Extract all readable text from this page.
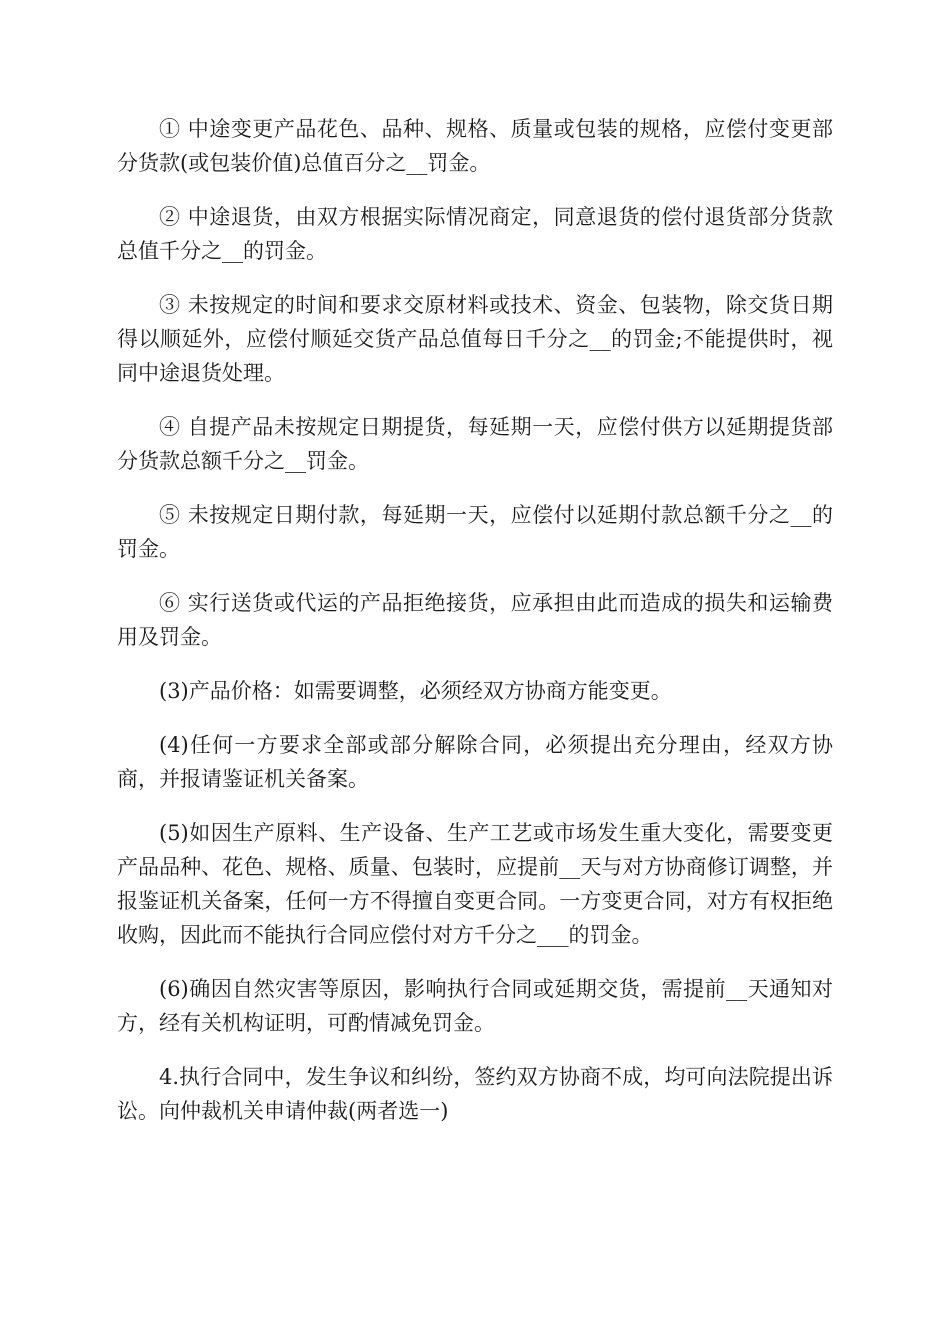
① 中途变更产品花色、品种、规格、质量或包装的规格，应偿付变更部分货款(或包装价值)总值百分之__罚金。

② 中途退货，由双方根据实际情况商定，同意退货的偿付退货部分货款总值千分之__的罚金。

③ 未按规定的时间和要求交原材料或技术、资金、包装物，除交货日期得以顺延外，应偿付顺延交货产品总值每日千分之__的罚金;不能提供时，视同中途退货处理。

④ 自提产品未按规定日期提货，每延期一天，应偿付供方以延期提货部分货款总额千分之__罚金。

⑤ 未按规定日期付款，每延期一天，应偿付以延期付款总额千分之__的罚金。

⑥ 实行送货或代运的产品拒绝接货，应承担由此而造成的损失和运输费用及罚金。

(3)产品价格：如需要调整，必须经双方协商方能变更。

(4)任何一方要求全部或部分解除合同，必须提出充分理由，经双方协商，并报请鉴证机关备案。

(5)如因生产原料、生产设备、生产工艺或市场发生重大变化，需要变更产品品种、花色、规格、质量、包装时，应提前__天与对方协商修订调整，并报鉴证机关备案，任何一方不得擅自变更合同。一方变更合同，对方有权拒绝收购，因此而不能执行合同应偿付对方千分之___的罚金。

(6)确因自然灾害等原因，影响执行合同或延期交货，需提前__天通知对方，经有关机构证明，可酌情减免罚金。

4.执行合同中，发生争议和纠纷，签约双方协商不成，均可向法院提出诉讼。向仲裁机关申请仲裁(两者选一)
